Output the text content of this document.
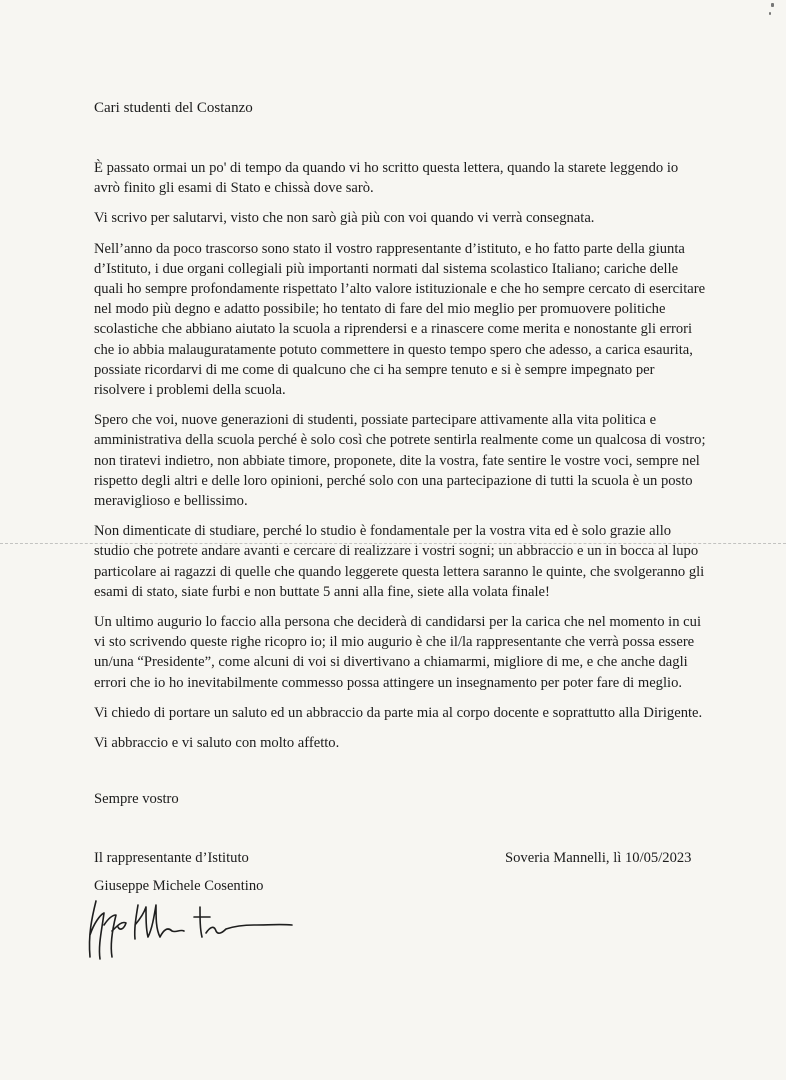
Cari studenti del Costanzo

È passato ormai un po' di tempo da quando vi ho scritto questa lettera, quando la starete leggendo io avrò finito gli esami di Stato e chissà dove sarò.

Vi scrivo per salutarvi, visto che non sarò già più con voi quando vi verrà consegnata.

Nell’anno da poco trascorso sono stato il vostro rappresentante d’istituto, e ho fatto parte della giunta d’Istituto, i due organi collegiali più importanti normati dal sistema scolastico Italiano; cariche delle quali ho sempre profondamente rispettato l’alto valore istituzionale e che ho sempre cercato di esercitare nel modo più degno e adatto possibile; ho tentato di fare del mio meglio per promuovere politiche scolastiche che abbiano aiutato la scuola a riprendersi e a rinascere come merita e nonostante gli errori che io abbia malauguratamente potuto commettere in questo tempo spero che adesso, a carica esaurita, possiate ricordarvi di me come di qualcuno che ci ha sempre tenuto e si è sempre impegnato per risolvere i problemi della scuola.

Spero che voi, nuove generazioni di studenti, possiate partecipare attivamente alla vita politica e amministrativa della scuola perché è solo così che potrete sentirla realmente come un qualcosa di vostro; non tiratevi indietro, non abbiate timore, proponete, dite la vostra, fate sentire le vostre voci, sempre nel rispetto degli altri e delle loro opinioni, perché solo con una partecipazione di tutti la scuola è un posto meraviglioso e bellissimo.

Non dimenticate di studiare, perché lo studio è fondamentale per la vostra vita ed è solo grazie allo studio che potrete andare avanti e cercare di realizzare i vostri sogni; un abbraccio e un in bocca al lupo particolare ai ragazzi di quelle che quando leggerete questa lettera saranno le quinte, che svolgeranno gli esami di stato, siate furbi e non buttate 5 anni alla fine, siete alla volata finale!

Un ultimo augurio lo faccio alla persona che deciderà di candidarsi per la carica che nel momento in cui vi sto scrivendo queste righe ricopro io; il mio augurio è che il/la rappresentante che verrà possa essere un/una “Presidente”, come alcuni di voi si divertivano a chiamarmi, migliore di me, e che anche dagli errori che io ho inevitabilmente commesso possa attingere un insegnamento per poter fare di meglio.

Vi chiedo di portare un saluto ed un abbraccio da parte mia al corpo docente e soprattutto alla Dirigente.

Vi abbraccio e vi saluto con molto affetto.

Sempre vostro
Il rappresentante d’Istituto
Giuseppe Michele Cosentino
Soveria Mannelli, lì 10/05/2023
